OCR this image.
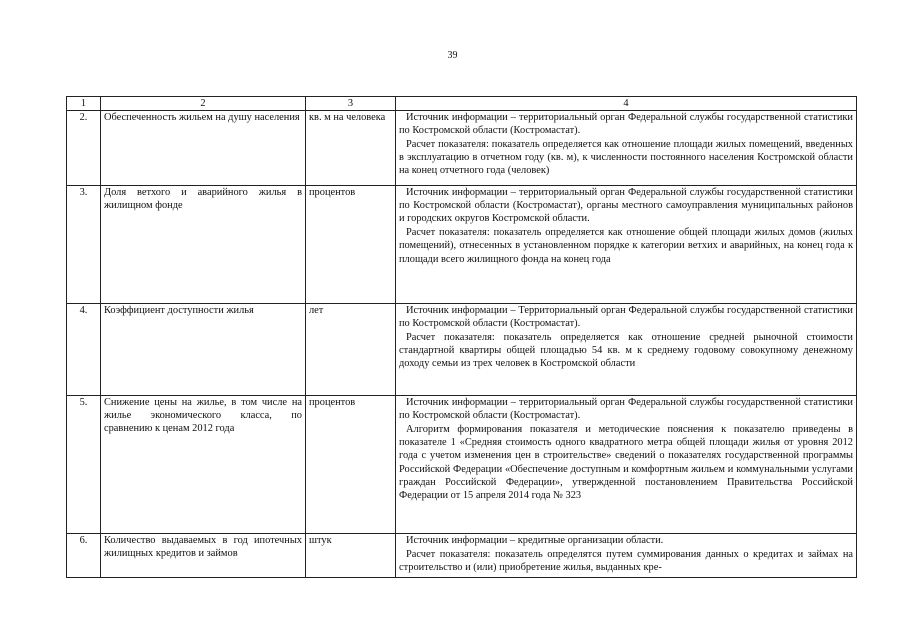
39
1	2	3	4
2.	Обеспеченность жильем на душу населения	кв. м на человека	Источник информации – территориальный орган Федеральной службы государственной статистики по Костромской области (Костромастат).

Расчет показателя: показатель определяется как отношение площади жилых помещений, введенных в эксплуатацию в отчетном году (кв. м), к численности постоянного населения Костромской области на конец отчетного года (человек)

3.	Доля ветхого и аварийного жилья в жилищном фонде	процентов	Источник информации – территориальный орган Федеральной службы государственной статистики по Костромской области (Костромастат), органы местного самоуправления муниципальных районов и городских округов Костромской области.

Расчет показателя: показатель определяется как отношение общей площади жилых домов (жилых помещений), отнесенных в установленном порядке к категории ветхих и аварийных, на конец года к площади всего жилищного фонда на конец года

4.	Коэффициент доступности жилья	лет	Источник информации – Территориальный орган Федеральной службы государственной статистики по Костромской области (Костромастат).

Расчет показателя: показатель определяется как отношение средней рыночной стоимости стандартной квартиры общей площадью 54 кв. м к среднему годовому совокупному денежному доходу семьи из трех человек в Костромской области

5.	Снижение цены на жилье, в том числе на жилье экономического класса, по сравнению к ценам 2012 года	процентов	Источник информации – территориальный орган Федеральной службы государственной статистики по Костромской области (Костромастат).

Алгоритм формирования показателя и методические пояснения к показателю приведены в показателе 1 «Средняя стоимость одного квадратного метра общей площади жилья от уровня 2012 года с учетом изменения цен в строительстве» сведений о показателях государственной программы Российской Федерации «Обеспечение доступным и комфортным жильем и коммунальными услугами граждан Российской Федерации», утвержденной постановлением Правительства Российской Федерации от 15 апреля 2014 года № 323

6.	Количество выдаваемых в год ипотечных жилищных кредитов и займов	штук	Источник информации – кредитные организации области.

Расчет показателя: показатель определятся путем суммирования данных о кредитах и займах на строительство и (или) приобретение жилья, выданных кре-
